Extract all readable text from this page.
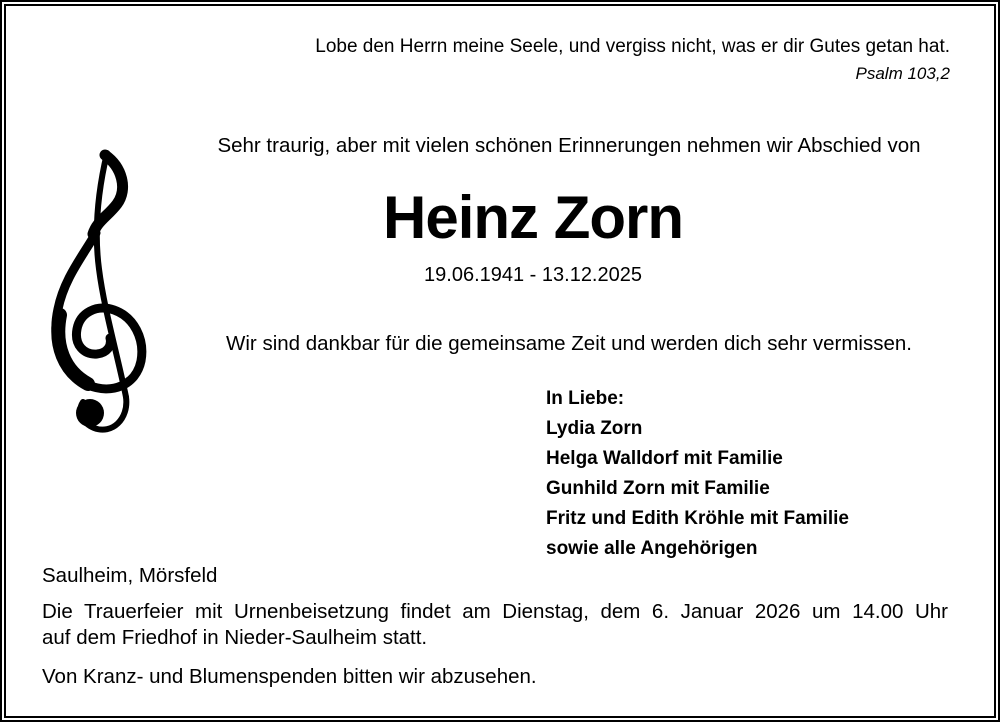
Lobe den Herrn meine Seele, und vergiss nicht, was er dir Gutes getan hat.
Psalm 103,2
Sehr traurig, aber mit vielen schönen Erinnerungen nehmen wir Abschied von
Heinz Zorn
19.06.1941 - 13.12.2025
Wir sind dankbar für die gemeinsame Zeit und werden dich sehr vermissen.
In Liebe:
Lydia Zorn
Helga Walldorf mit Familie
Gunhild Zorn mit Familie
Fritz und Edith Kröhle mit Familie
sowie alle Angehörigen
Saulheim, Mörsfeld
Die Trauerfeier mit Urnenbeisetzung findet am Dienstag, dem 6. Januar 2026 um 14.00 Uhr
auf dem Friedhof in Nieder-Saulheim statt.
Von Kranz- und Blumenspenden bitten wir abzusehen.
